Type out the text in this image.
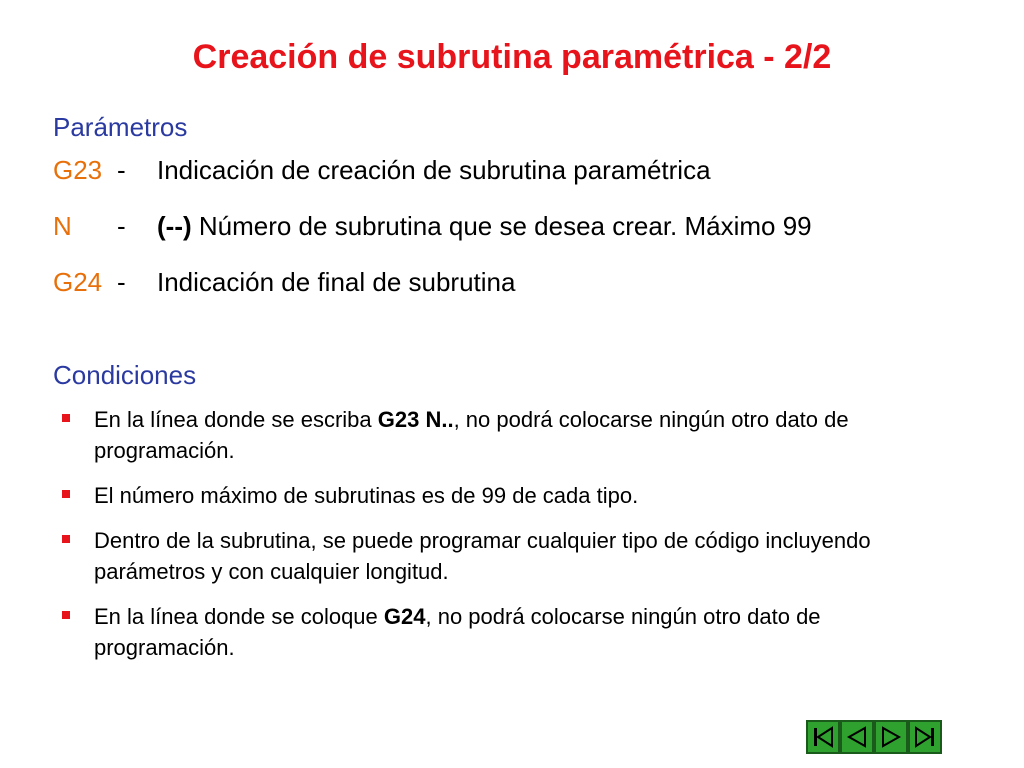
Creación de subrutina paramétrica - 2/2
Parámetros
G23 - Indicación de creación de subrutina paramétrica
N - (--) Número de subrutina que se desea crear. Máximo 99
G24 - Indicación de final de subrutina
Condiciones
En la línea donde se escriba G23 N.., no podrá colocarse ningún otro dato de programación.
El número máximo de subrutinas es de 99 de cada tipo.
Dentro de la subrutina, se puede programar cualquier tipo de código incluyendo parámetros y con cualquier longitud.
En la línea donde se coloque G24, no podrá colocarse ningún otro dato de programación.
